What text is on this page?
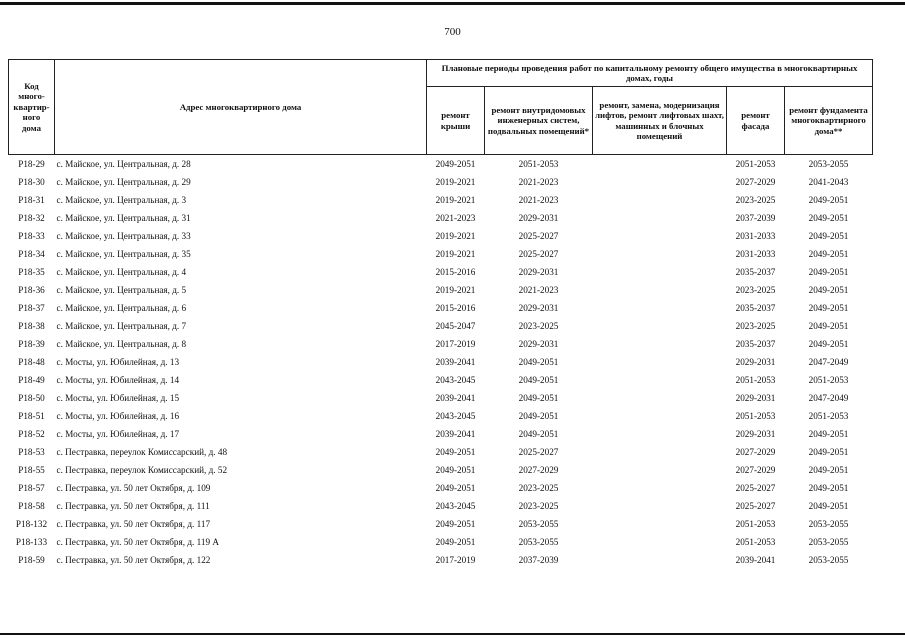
700
Код
много-
квартир-
ного
дома	Адрес многоквартирного дома	Плановые периоды проведения работ по капитальному ремонту общего имущества в многоквартирных домах, годы				
		ремонт крыши	ремонт внутридомовых инженерных систем, подвальных помещений*	ремонт, замена, модернизация лифтов, ремонт лифтовых шахт, машинных и блочных помещений	ремонт фасада	ремонт фундамента многоквартирного дома**
P18-29	с. Майское, ул. Центральная, д. 28	2049-2051	2051-2053		2051-2053	2053-2055
P18-30	с. Майское, ул. Центральная, д. 29	2019-2021	2021-2023		2027-2029	2041-2043
P18-31	с. Майское, ул. Центральная, д. 3	2019-2021	2021-2023		2023-2025	2049-2051
P18-32	с. Майское, ул. Центральная, д. 31	2021-2023	2029-2031		2037-2039	2049-2051
P18-33	с. Майское, ул. Центральная, д. 33	2019-2021	2025-2027		2031-2033	2049-2051
P18-34	с. Майское, ул. Центральная, д. 35	2019-2021	2025-2027		2031-2033	2049-2051
P18-35	с. Майское, ул. Центральная, д. 4	2015-2016	2029-2031		2035-2037	2049-2051
P18-36	с. Майское, ул. Центральная, д. 5	2019-2021	2021-2023		2023-2025	2049-2051
P18-37	с. Майское, ул. Центральная, д. 6	2015-2016	2029-2031		2035-2037	2049-2051
P18-38	с. Майское, ул. Центральная, д. 7	2045-2047	2023-2025		2023-2025	2049-2051
P18-39	с. Майское, ул. Центральная, д. 8	2017-2019	2029-2031		2035-2037	2049-2051
P18-48	с. Мосты, ул. Юбилейная, д. 13	2039-2041	2049-2051		2029-2031	2047-2049
P18-49	с. Мосты, ул. Юбилейная, д. 14	2043-2045	2049-2051		2051-2053	2051-2053
P18-50	с. Мосты, ул. Юбилейная, д. 15	2039-2041	2049-2051		2029-2031	2047-2049
P18-51	с. Мосты, ул. Юбилейная, д. 16	2043-2045	2049-2051		2051-2053	2051-2053
P18-52	с. Мосты, ул. Юбилейная, д. 17	2039-2041	2049-2051		2029-2031	2049-2051
P18-53	с. Пестравка, переулок Комиссарский, д. 48	2049-2051	2025-2027		2027-2029	2049-2051
P18-55	с. Пестравка, переулок Комиссарский, д. 52	2049-2051	2027-2029		2027-2029	2049-2051
P18-57	с. Пестравка, ул. 50 лет Октября, д. 109	2049-2051	2023-2025		2025-2027	2049-2051
P18-58	с. Пестравка, ул. 50 лет Октября, д. 111	2043-2045	2023-2025		2025-2027	2049-2051
P18-132	с. Пестравка, ул. 50 лет Октября, д. 117	2049-2051	2053-2055		2051-2053	2053-2055
P18-133	с. Пестравка, ул. 50 лет Октября, д. 119 А	2049-2051	2053-2055		2051-2053	2053-2055
P18-59	с. Пестравка, ул. 50 лет Октября, д. 122	2017-2019	2037-2039		2039-2041	2053-2055
